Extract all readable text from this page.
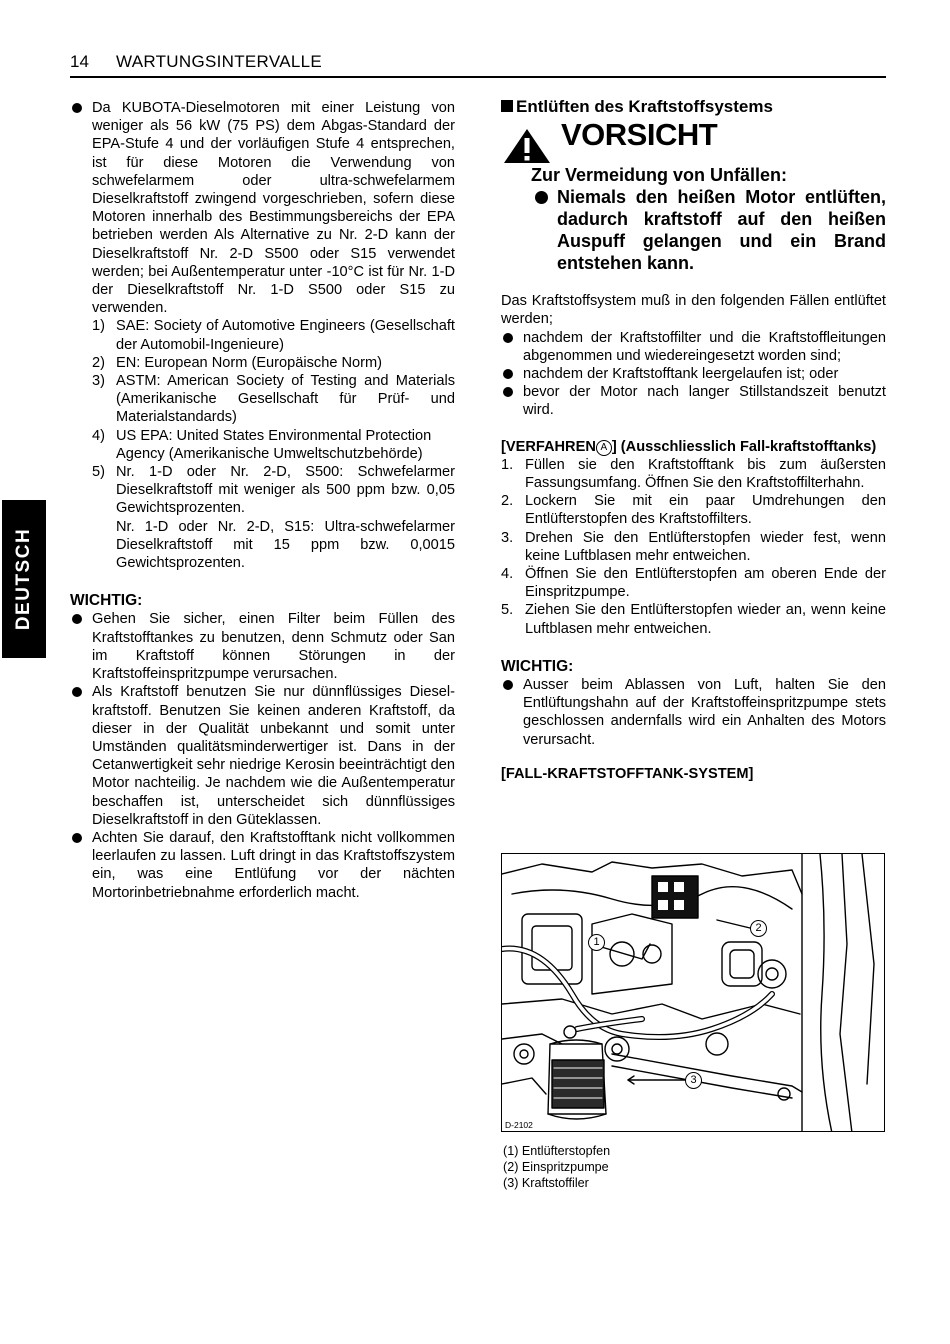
14 WARTUNGSINTERVALLE
DEUTSCH
Da KUBOTA-Dieselmotoren mit einer Leistung von weniger als 56 kW (75 PS) dem Abgas-Standard der EPA-Stufe 4 und der vorläufigen Stufe 4 entsprechen, ist für diese Motoren die Verwendung von schwefelarmem oder ultra-schwefelarmem Dieselkraftstoff zwingend vorgeschrieben, sofern diese Motoren innerhalb des Bestimmungsbereichs der EPA betrieben werden Als Alternative zu Nr. 2-D kann der Dieselkraftstoff Nr. 2-D S500 oder S15 verwendet werden; bei Außentemperatur unter -10°C ist für Nr. 1-D der Dieselkraftstoff Nr. 1-D S500 oder S15 zu verwenden.
1) SAE: Society of Automotive Engineers (Gesellschaft der Automobil-Ingenieure)
2) EN: European Norm (Europäische Norm)
3) ASTM: American Society of Testing and Materials (Amerikanische Gesellschaft für Prüf- und Materialstandards)
4) US EPA: United States Environmental Protection Agency (Amerikanische Umweltschutzbehörde)
5) Nr. 1-D oder Nr. 2-D, S500: Schwefelarmer Dieselkraftstoff mit weniger als 500 ppm bzw. 0,05 Gewichtsprozenten.
Nr. 1-D oder Nr. 2-D, S15: Ultra-schwefelarmer Dieselkraftstoff mit 15 ppm bzw. 0,0015 Gewichtsprozenten.
WICHTIG:
Gehen Sie sicher, einen Filter beim Füllen des Kraftstofftankes zu benutzen, denn Schmutz oder San im Kraftstoff können Störungen in der Kraftstoffeinspritzpumpe verursachen.
Als Kraftstoff benutzen Sie nur dünnflüssiges Dieselkraftstoff. Benutzen Sie keinen anderen Kraftstoff, da dieser in der Qualität unbekannt und somit unter Umständen qualitätsminderwertiger ist. Dans in der Cetanwertigkeit sehr niedrige Kerosin beeinträchtigt den Motor nachteilig. Je nachdem wie die Außentemperatur beschaffen ist, unterscheidet sich dünnflüssiges Dieselkraftstoff in den Güteklassen.
Achten Sie darauf, den Kraftstofftank nicht vollkommen leerlaufen zu lassen. Luft dringt in das Kraftstoffszystem ein, was eine Entlüfung vor der nächten Mortorinbetriebnahme erforderlich macht.
Entlüften des Kraftstoffsystems
VORSICHT
Zur Vermeidung von Unfällen:
Niemals den heißen Motor entlüften, dadurch kraftstoff auf den heißen Auspuff gelangen und ein Brand entstehen kann.
Das Kraftstoffsystem muß in den folgenden Fällen entlüftet werden;
nachdem der Kraftstoffilter und die Kraftstoffleitungen abgenommen und wiedereingesetzt worden sind;
nachdem der Kraftstofftank leergelaufen ist; oder
bevor der Motor nach langer Stillstandszeit benutzt wird.
[VERFAHREN A ] (Ausschliesslich Fall-kraftstofftanks)
1. Füllen sie den Kraftstofftank bis zum äußersten Fassungsumfang. Öffnen Sie den Kraftstoffilterhahn.
2. Lockern Sie mit ein paar Umdrehungen den Entlüfterstopfen des Kraftstoffilters.
3. Drehen Sie den Entlüfterstopfen wieder fest, wenn keine Luftblasen mehr entweichen.
4. Öffnen Sie den Entlüfterstopfen am oberen Ende der Einspritzpumpe.
5. Ziehen Sie den Entlüfterstopfen wieder an, wenn keine Luftblasen mehr entweichen.
WICHTIG:
Ausser beim Ablassen von Luft, halten Sie den Entlüftungshahn auf der Kraftstoffeinspritzpumpe stets geschlossen andernfalls wird ein Anhalten des Motors verursacht.
[FALL-KRAFTSTOFFTANK-SYSTEM]
1
2
3
D-2102
(1) Entlüfterstopfen
(2) Einspritzpumpe
(3) Kraftstoffiler
